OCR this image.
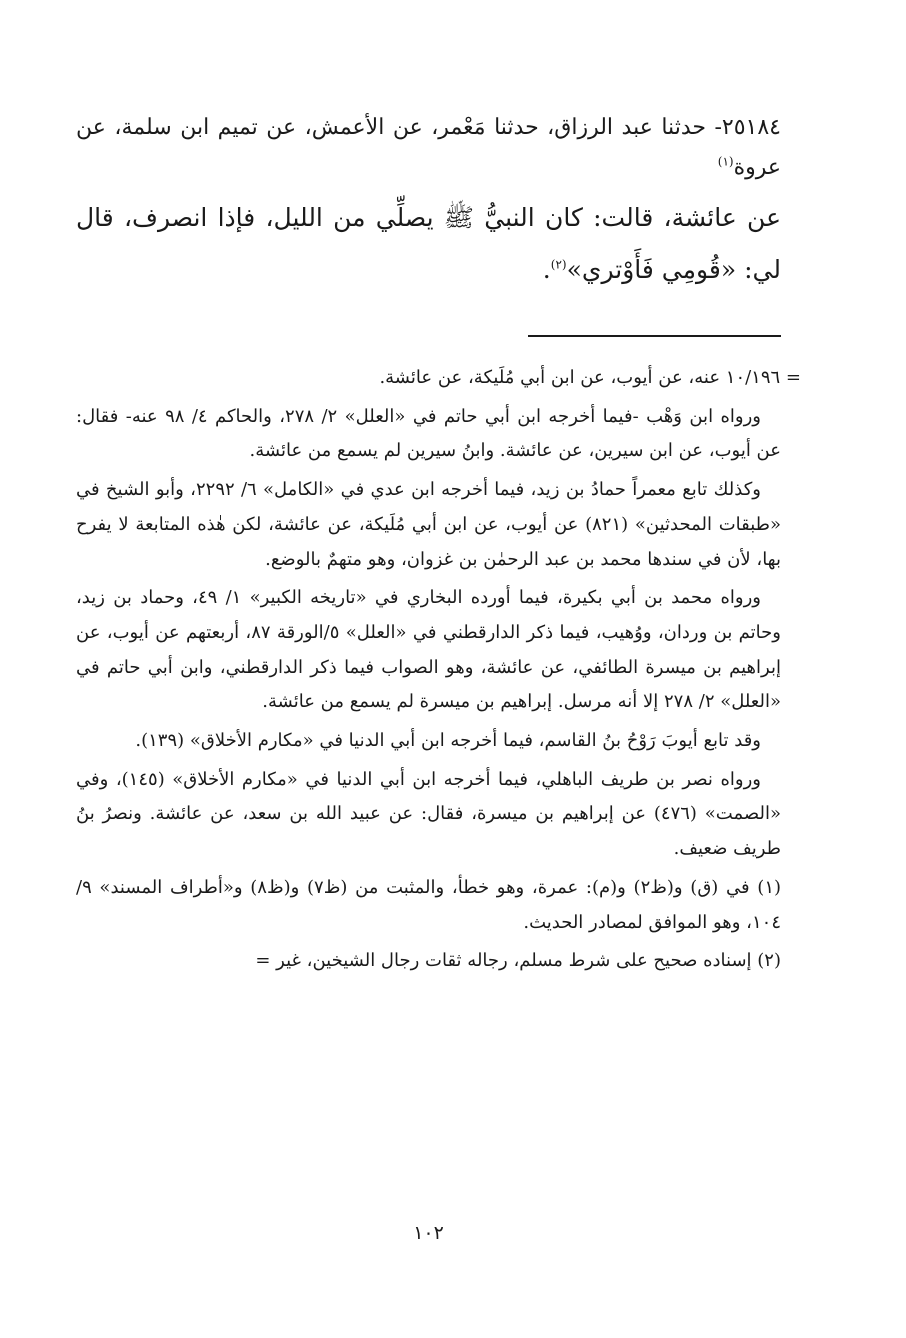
٢٥١٨٤- حدثنا عبد الرزاق، حدثنا مَعْمر، عن الأعمش، عن تميم ابن سلمة، عن عروة$^{(١)}$

عن عائشة، قالت: كان النبيُّ ﷺ يصلِّي من الليل، فإذا انصرف، قال لي: «قُومِي فَأَوْتري»$^{(٢)}$.

= ١٠/١٩٦ عنه، عن أيوب، عن ابن أبي مُلَيكة، عن عائشة.

ورواه ابن وَهْب -فيما أخرجه ابن أبي حاتم في «العلل» ٢/ ٢٧٨، والحاكم ٤/ ٩٨ عنه- فقال: عن أيوب، عن ابن سيرين، عن عائشة. وابنُ سيرين لم يسمع من عائشة.

وكذلك تابع معمراً حمادُ بن زيد، فيما أخرجه ابن عدي في «الكامل» ٦/ ٢٢٩٢، وأبو الشيخ في «طبقات المحدثين» (٨٢١) عن أيوب، عن ابن أبي مُلَيكة، عن عائشة، لكن هٰذه المتابعة لا يفرح بها، لأن في سندها محمد بن عبد الرحمٰن بن غزوان، وهو متهمٌ بالوضع.

ورواه محمد بن أبي بكيرة، فيما أورده البخاري في «تاريخه الكبير» ١/ ٤٩، وحماد بن زيد، وحاتم بن وردان، ووُهيب، فيما ذكر الدارقطني في «العلل» ٥/الورقة ٨٧، أربعتهم عن أيوب، عن إبراهيم بن ميسرة الطائفي، عن عائشة، وهو الصواب فيما ذكر الدارقطني، وابن أبي حاتم في «العلل» ٢/ ٢٧٨ إلا أنه مرسل. إبراهيم بن ميسرة لم يسمع من عائشة.

وقد تابع أيوبَ رَوْحُ بنُ القاسم، فيما أخرجه ابن أبي الدنيا في «مكارم الأخلاق» (١٣٩).

ورواه نصر بن طريف الباهلي، فيما أخرجه ابن أبي الدنيا في «مكارم الأخلاق» (١٤٥)، وفي «الصمت» (٤٧٦) عن إبراهيم بن ميسرة، فقال: عن عبيد الله بن سعد، عن عائشة. ونصرُ بنُ طريف ضعيف.

(١) في (ق) و(ظ٢) و(م): عمرة، وهو خطأ، والمثبت من (ظ٧) و(ظ٨) و«أطراف المسند» ٩/ ١٠٤، وهو الموافق لمصادر الحديث.

(٢) إسناده صحيح على شرط مسلم، رجاله ثقات رجال الشيخين، غير =

١٠٢
